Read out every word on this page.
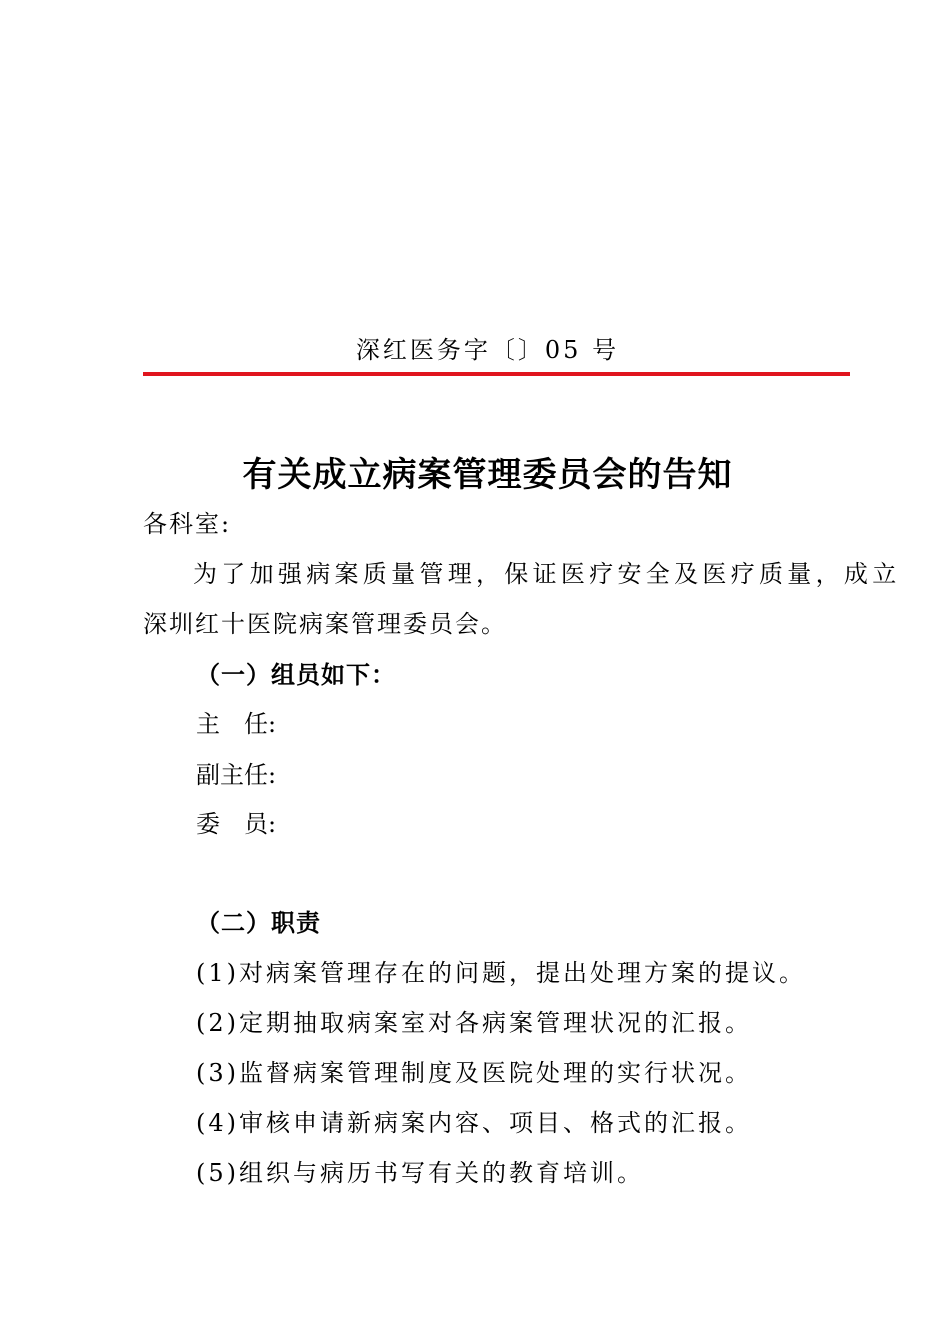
深红医务字〔〕05 号
有关成立病案管理委员会的告知
各科室:
为了加强病案质量管理，保证医疗安全及医疗质量，成立
深圳红十医院病案管理委员会。
（一）组员如下：
主　任:
副主任:
委　员:
（二）职责
(1)对病案管理存在的问题，提出处理方案的提议。
(2)定期抽取病案室对各病案管理状况的汇报。
(3)监督病案管理制度及医院处理的实行状况。
(4)审核申请新病案内容、项目、格式的汇报。
(5)组织与病历书写有关的教育培训。
